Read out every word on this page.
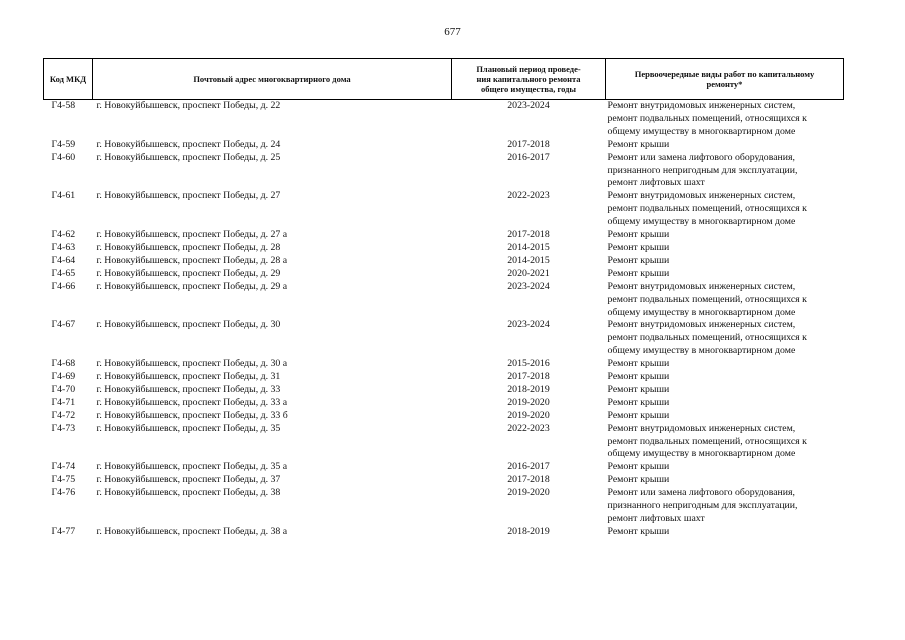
677
Код МКД	Почтовый адрес многоквартирного дома	Плановый период проведе-
ния капитального ремонта
общего имущества, годы	Первоочередные виды работ по капитальному
ремонту*
Г4-58	г. Новокуйбышевск, проспект Победы, д. 22	2023-2024	Ремонт внутридомовых инженерных систем,
ремонт подвальных помещений, относящихся к
общему имуществу в многоквартирном доме
Г4-59	г. Новокуйбышевск, проспект Победы, д. 24	2017-2018	Ремонт крыши
Г4-60	г. Новокуйбышевск, проспект Победы, д. 25	2016-2017	Ремонт или замена лифтового оборудования,
признанного непригодным для эксплуатации,
ремонт лифтовых шахт
Г4-61	г. Новокуйбышевск, проспект Победы, д. 27	2022-2023	Ремонт внутридомовых инженерных систем,
ремонт подвальных помещений, относящихся к
общему имуществу в многоквартирном доме
Г4-62	г. Новокуйбышевск, проспект Победы, д. 27 а	2017-2018	Ремонт крыши
Г4-63	г. Новокуйбышевск, проспект Победы, д. 28	2014-2015	Ремонт крыши
Г4-64	г. Новокуйбышевск, проспект Победы, д. 28 а	2014-2015	Ремонт крыши
Г4-65	г. Новокуйбышевск, проспект Победы, д. 29	2020-2021	Ремонт крыши
Г4-66	г. Новокуйбышевск, проспект Победы, д. 29 а	2023-2024	Ремонт внутридомовых инженерных систем,
ремонт подвальных помещений, относящихся к
общему имуществу в многоквартирном доме
Г4-67	г. Новокуйбышевск, проспект Победы, д. 30	2023-2024	Ремонт внутридомовых инженерных систем,
ремонт подвальных помещений, относящихся к
общему имуществу в многоквартирном доме
Г4-68	г. Новокуйбышевск, проспект Победы, д. 30 а	2015-2016	Ремонт крыши
Г4-69	г. Новокуйбышевск, проспект Победы, д. 31	2017-2018	Ремонт крыши
Г4-70	г. Новокуйбышевск, проспект Победы, д. 33	2018-2019	Ремонт крыши
Г4-71	г. Новокуйбышевск, проспект Победы, д. 33 а	2019-2020	Ремонт крыши
Г4-72	г. Новокуйбышевск, проспект Победы, д. 33 б	2019-2020	Ремонт крыши
Г4-73	г. Новокуйбышевск, проспект Победы, д. 35	2022-2023	Ремонт внутридомовых инженерных систем,
ремонт подвальных помещений, относящихся к
общему имуществу в многоквартирном доме
Г4-74	г. Новокуйбышевск, проспект Победы, д. 35 а	2016-2017	Ремонт крыши
Г4-75	г. Новокуйбышевск, проспект Победы, д. 37	2017-2018	Ремонт крыши
Г4-76	г. Новокуйбышевск, проспект Победы, д. 38	2019-2020	Ремонт или замена лифтового оборудования,
признанного непригодным для эксплуатации,
ремонт лифтовых шахт
Г4-77	г. Новокуйбышевск, проспект Победы, д. 38 а	2018-2019	Ремонт крыши
